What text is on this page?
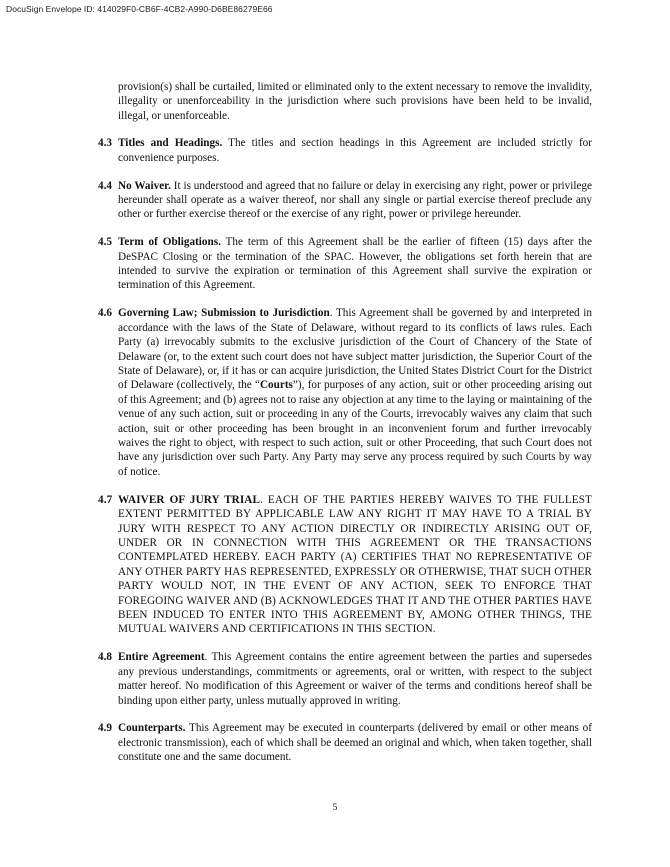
DocuSign Envelope ID: 414029F0-CB6F-4CB2-A990-D6BE86279E66

provision(s) shall be curtailed, limited or eliminated only to the extent necessary to remove the invalidity, illegality or unenforceability in the jurisdiction where such provisions have been held to be invalid, illegal, or unenforceable.

4.3 Titles and Headings. The titles and section headings in this Agreement are included strictly for convenience purposes.
4.4 No Waiver. It is understood and agreed that no failure or delay in exercising any right, power or privilege hereunder shall operate as a waiver thereof, nor shall any single or partial exercise thereof preclude any other or further exercise thereof or the exercise of any right, power or privilege hereunder.
4.5 Term of Obligations. The term of this Agreement shall be the earlier of fifteen (15) days after the DeSPAC Closing or the termination of the SPAC. However, the obligations set forth herein that are intended to survive the expiration or termination of this Agreement shall survive the expiration or termination of this Agreement.
4.6 Governing Law; Submission to Jurisdiction. This Agreement shall be governed by and interpreted in accordance with the laws of the State of Delaware, without regard to its conflicts of laws rules. Each Party (a) irrevocably submits to the exclusive jurisdiction of the Court of Chancery of the State of Delaware (or, to the extent such court does not have subject matter jurisdiction, the Superior Court of the State of Delaware), or, if it has or can acquire jurisdiction, the United States District Court for the District of Delaware (collectively, the “Courts”), for purposes of any action, suit or other proceeding arising out of this Agreement; and (b) agrees not to raise any objection at any time to the laying or maintaining of the venue of any such action, suit or proceeding in any of the Courts, irrevocably waives any claim that such action, suit or other proceeding has been brought in an inconvenient forum and further irrevocably waives the right to object, with respect to such action, suit or other Proceeding, that such Court does not have any jurisdiction over such Party. Any Party may serve any process required by such Courts by way of notice.
4.7 WAIVER OF JURY TRIAL. EACH OF THE PARTIES HEREBY WAIVES TO THE FULLEST EXTENT PERMITTED BY APPLICABLE LAW ANY RIGHT IT MAY HAVE TO A TRIAL BY JURY WITH RESPECT TO ANY ACTION DIRECTLY OR INDIRECTLY ARISING OUT OF, UNDER OR IN CONNECTION WITH THIS AGREEMENT OR THE TRANSACTIONS CONTEMPLATED HEREBY. EACH PARTY (A) CERTIFIES THAT NO REPRESENTATIVE OF ANY OTHER PARTY HAS REPRESENTED, EXPRESSLY OR OTHERWISE, THAT SUCH OTHER PARTY WOULD NOT, IN THE EVENT OF ANY ACTION, SEEK TO ENFORCE THAT FOREGOING WAIVER AND (B) ACKNOWLEDGES THAT IT AND THE OTHER PARTIES HAVE BEEN INDUCED TO ENTER INTO THIS AGREEMENT BY, AMONG OTHER THINGS, THE MUTUAL WAIVERS AND CERTIFICATIONS IN THIS SECTION.
4.8 Entire Agreement. This Agreement contains the entire agreement between the parties and supersedes any previous understandings, commitments or agreements, oral or written, with respect to the subject matter hereof. No modification of this Agreement or waiver of the terms and conditions hereof shall be binding upon either party, unless mutually approved in writing.
4.9 Counterparts. This Agreement may be executed in counterparts (delivered by email or other means of electronic transmission), each of which shall be deemed an original and which, when taken together, shall constitute one and the same document.
5
